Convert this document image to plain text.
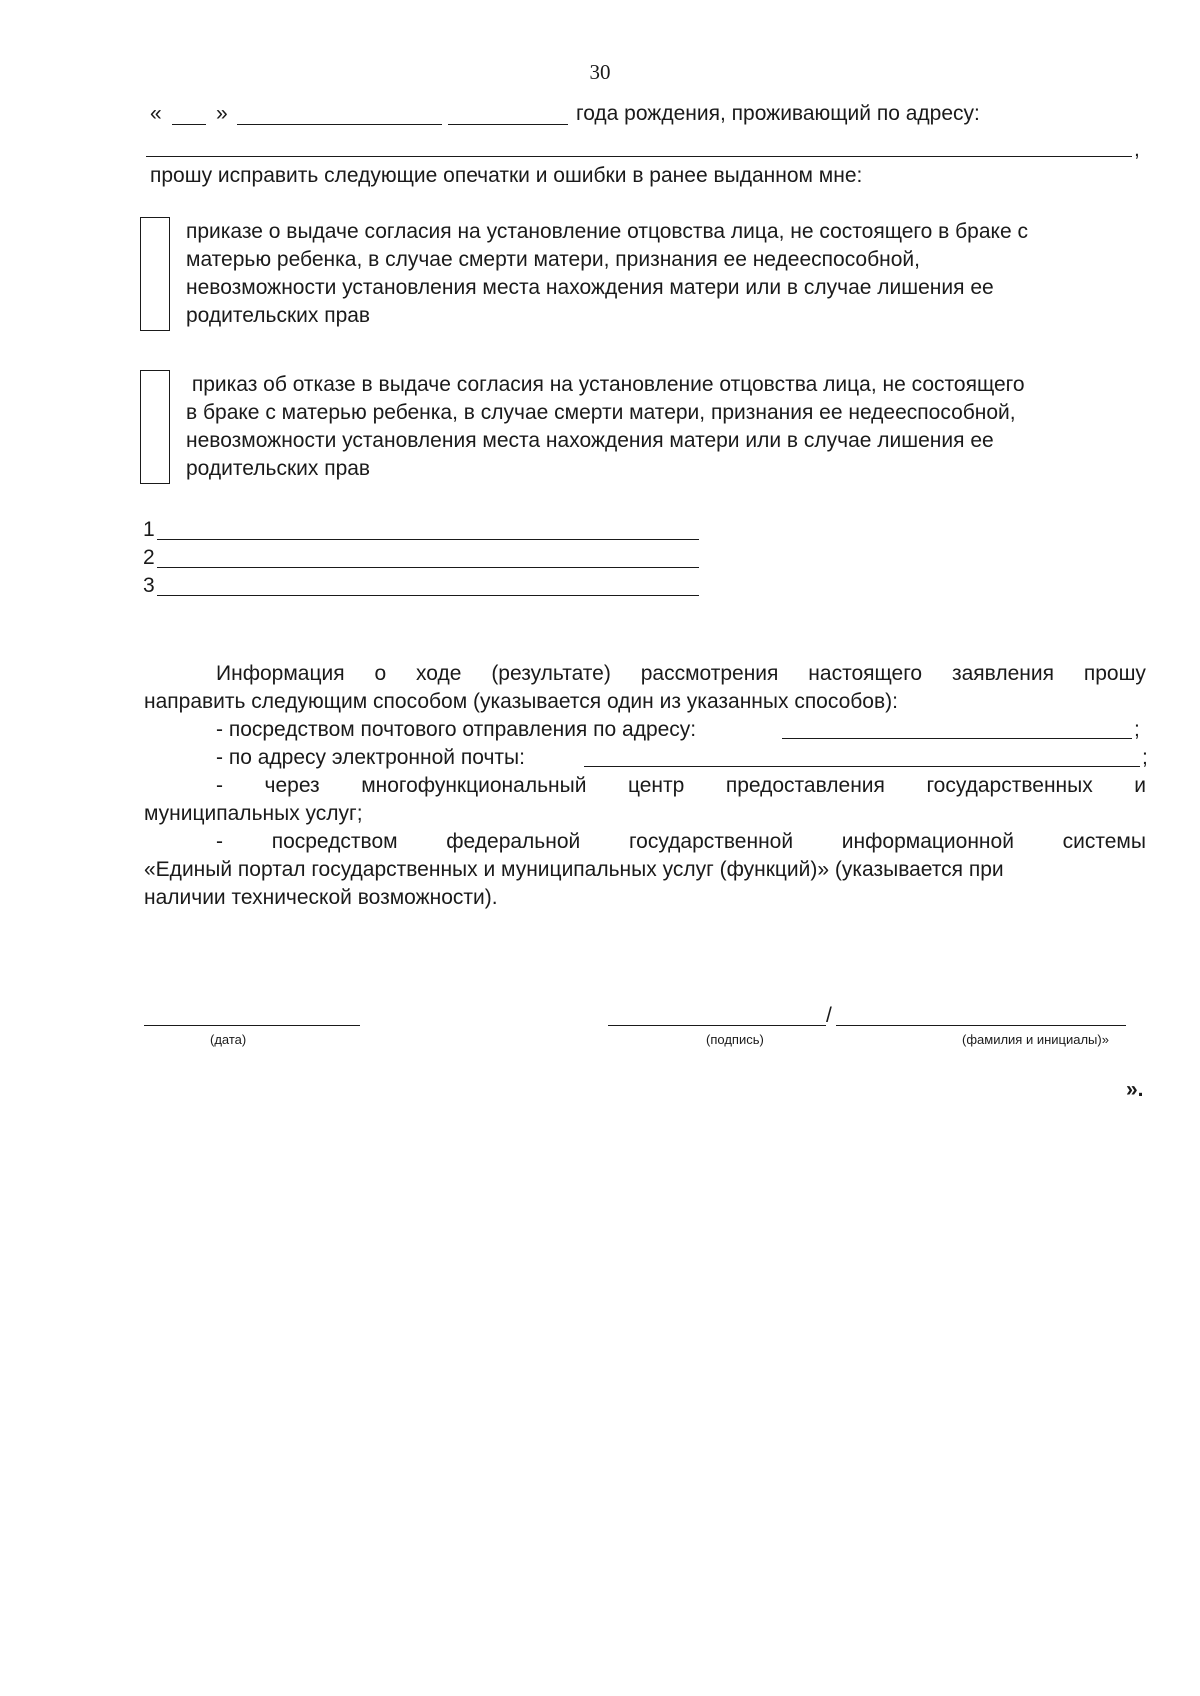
30
«	»	года рождения, проживающий по адресу:
,
прошу исправить следующие опечатки и ошибки в ранее выданном мне:
приказе о выдаче согласия на установление отцовства лица, не состоящего в браке с
матерью ребенка, в случае смерти матери, признания ее недееспособной,
невозможности установления места нахождения матери или в случае лишения ее
родительских прав
приказ об отказе в выдаче согласия на установление отцовства лица, не состоящего
в браке с матерью ребенка, в случае смерти матери, признания ее недееспособной,
невозможности установления места нахождения матери или в случае лишения ее
родительских прав
1
2
3
Информация о ходе (результате) рассмотрения настоящего заявления прошу
направить следующим способом (указывается один из указанных способов):
- посредством почтового отправления по адресу:	;
- по адресу электронной почты:	;
- через многофункциональный центр предоставления государственных и
муниципальных услуг;
- посредством федеральной государственной информационной системы
«Единый портал государственных и муниципальных услуг (функций)» (указывается при
наличии технической возможности).
(дата)
/
(подпись)	(фамилия и инициалы)»
».
